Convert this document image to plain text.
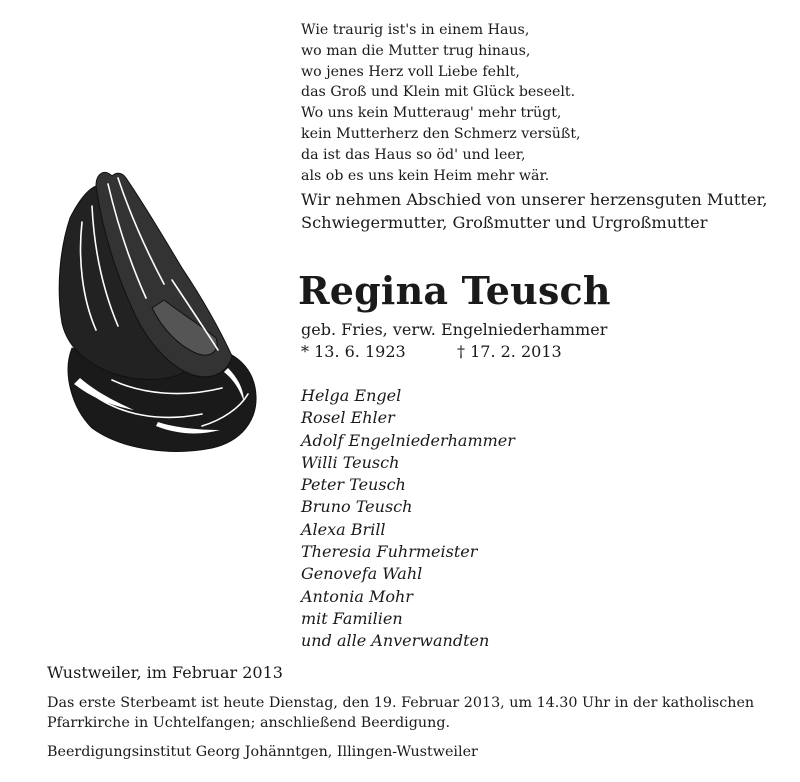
Wie traurig ist's in einem Haus,
wo man die Mutter trug hinaus,
wo jenes Herz voll Liebe fehlt,
das Groß und Klein mit Glück beseelt.
Wo uns kein Mutteraug' mehr trügt,
kein Mutterherz den Schmerz versüßt,
da ist das Haus so öd' und leer,
als ob es uns kein Heim mehr wär.
Wir nehmen Abschied von unserer herzensguten Mutter, Schwiegermutter, Großmutter und Urgroßmutter
Regina Teusch
geb. Fries, verw. Engelniederhammer
* 13. 6. 1923	† 17. 2. 2013
Helga Engel
Rosel Ehler
Adolf Engelniederhammer
Willi Teusch
Peter Teusch
Bruno Teusch
Alexa Brill
Theresia Fuhrmeister
Genovefa Wahl
Antonia Mohr
mit Familien
und alle Anverwandten
Wustweiler, im Februar 2013
Das erste Sterbeamt ist heute Dienstag, den 19. Februar 2013, um 14.30 Uhr in der katholischen Pfarrkirche in Uchtelfangen; anschließend Beerdigung.
Beerdigungsinstitut Georg Johänntgen, Illingen-Wustweiler
